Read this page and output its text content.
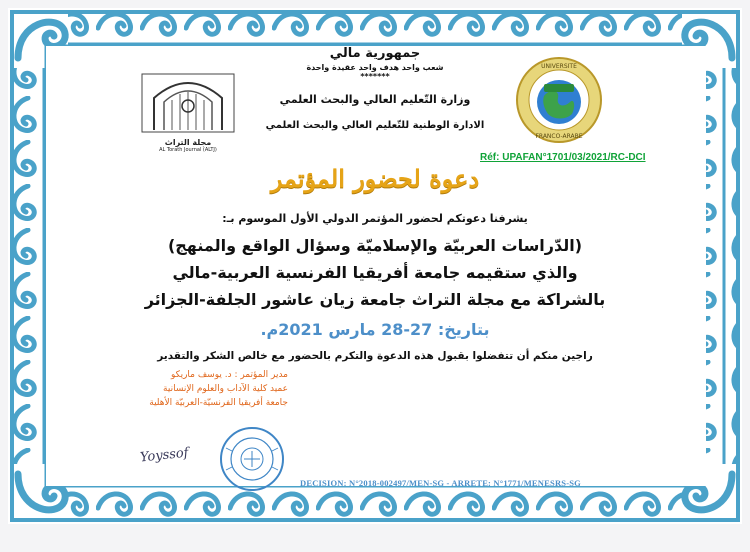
مجلة التراث
AL Torath Journal (ALTJ)
جمهورية مالي
شعب واحد هدف واحد عقيدة واحدة
*******
وزارة التّعليم العالي والبحث العلمي
الادارة الوطنية للتّعليم العالي والبحث العلمي
UNIVERSITE
FRANCO-ARABE
Réf: UPAFAN°1701/03/2021/RC-DCI
دعوة لحضور المؤتمر
يشرفنا دعوتكم لحضور المؤتمر الدولي الأول الموسوم بـ:
(الدّراسات العربيّة والإسلاميّة وسؤال الواقع والمنهج)
والذي ستقيمه جامعة أفريقيا الفرنسية العربية-مالي
بالشراكة مع مجلة التراث جامعة زيان عاشور الجلفة-الجزائر
بتاريخ: 27-28 مارس 2021م.
راجين منكم أن تتفضلوا بقبول هذه الدعوة والتكرم بالحضور مع خالص الشكر والتقدير
مدير المؤتمر : د. يوسف ماريكو
عميد كلية الآداب والعلوم الإنسانية
جامعة أفريقيا الفرنسيّة-العربيّة الأهلية
Yoyssof
DECISION: N°2018-002497/MEN-SG - ARRETE: N°1771/MENESRS-SG
